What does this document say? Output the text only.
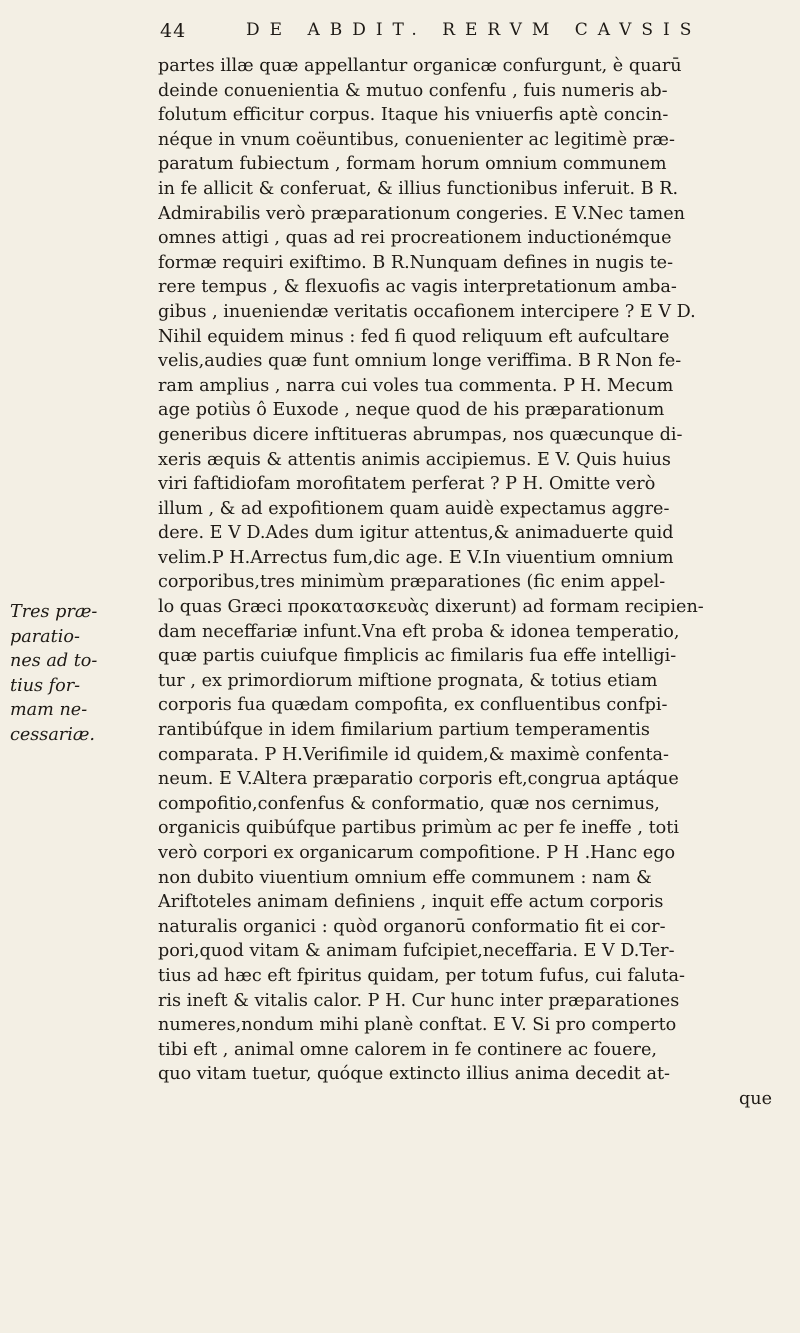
44	DE ABDIT. RERVM CAVSIS
Tres præ-
paratio-
nes ad to-
tius for-
mam ne-
cessariæ.
partes illæ quæ appellantur organicæ confurgunt, è quarū
deinde conuenientia & mutuo confenfu , fuis numeris ab-
folutum efficitur corpus. Itaque his vniuerfis aptè concin-
néque in vnum coëuntibus, conuenienter ac legitimè præ-
paratum fubiectum , formam horum omnium communem
in fe allicit & conferuat, & illius functionibus inferuit. B R.
Admirabilis verò præparationum congeries. E V.Nec tamen
omnes attigi , quas ad rei procreationem inductionémque
formæ requiri exiftimo. B R.Nunquam defines in nugis te-
rere tempus , & flexuofis ac vagis interpretationum amba-
gibus , inueniendæ veritatis occafionem intercipere ? E V D.
Nihil equidem minus : fed fi quod reliquum eft aufcultare
velis,audies quæ funt omnium longe veriffima. B R Non fe-
ram amplius , narra cui voles tua commenta. P H. Mecum
age potiùs ô Euxode , neque quod de his præparationum
generibus dicere inftitueras abrumpas, nos quæcunque di-
xeris æquis & attentis animis accipiemus. E V. Quis huius
viri faftidiofam morofitatem perferat ? P H. Omitte verò
illum , & ad expofitionem quam auidè expectamus aggre-
dere. E V D.Ades dum igitur attentus,& animaduerte quid
velim.P H.Arrectus fum,dic age. E V.In viuentium omnium
corporibus,tres minimùm præparationes (fic enim appel-
lo quas Græci προκατασκευὰς dixerunt) ad formam recipien-
dam neceffariæ infunt.Vna eft proba & idonea temperatio,
quæ partis cuiufque fimplicis ac fimilaris fua effe intelligi-
tur , ex primordiorum miftione prognata, & totius etiam
corporis fua quædam compofita, ex confluentibus confpi-
rantibúfque in idem fimilarium partium temperamentis
comparata. P H.Verifimile id quidem,& maximè confenta-
neum. E V.Altera præparatio corporis eft,congrua aptáque
compofitio,confenfus & conformatio, quæ nos cernimus,
organicis quibúfque partibus primùm ac per fe ineffe , toti
verò corpori ex organicarum compofitione. P H .Hanc ego
non dubito viuentium omnium effe communem : nam &
Ariftoteles animam definiens , inquit effe actum corporis
naturalis organici : quòd organorū conformatio fit ei cor-
pori,quod vitam & animam fufcipiet,neceffaria. E V D.Ter-
tius ad hæc eft fpiritus quidam, per totum fufus, cui faluta-
ris ineft & vitalis calor. P H. Cur hunc inter præparationes
numeres,nondum mihi planè conftat. E V. Si pro comperto
tibi eft , animal omne calorem in fe continere ac fouere,
quo vitam tuetur, quóque extincto illius anima decedit at-
que
